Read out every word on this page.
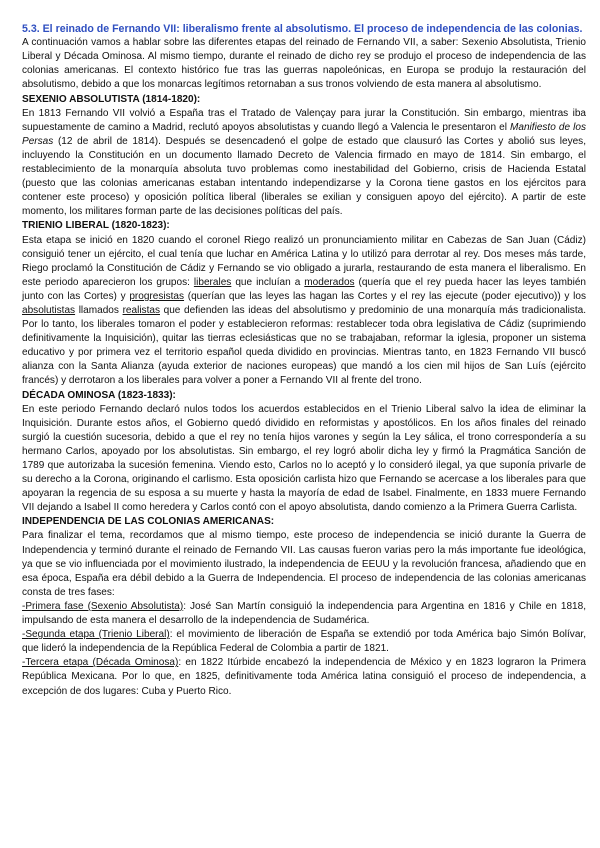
5.3. El reinado de Fernando VII: liberalismo frente al absolutismo. El proceso de independencia de las colonias.

A continuación vamos a hablar sobre las diferentes etapas del reinado de Fernando VII, a saber: Sexenio Absolutista, Trienio Liberal y Década Ominosa. Al mismo tiempo, durante el reinado de dicho rey se produjo el proceso de independencia de las colonias americanas. El contexto histórico fue tras las guerras napoleónicas, en Europa se produjo la restauración del absolutismo, debido a que los monarcas legítimos retornaban a sus tronos volviendo de esta manera al absolutismo.

SEXENIO ABSOLUTISTA (1814-1820):

En 1813 Fernando VII volvió a España tras el Tratado de Valençay para jurar la Constitución. Sin embargo, mientras iba supuestamente de camino a Madrid, reclutó apoyos absolutistas y cuando llegó a Valencia le presentaron el Manifiesto de los Persas (12 de abril de 1814). Después se desencadenó el golpe de estado que clausuró las Cortes y abolió sus leyes, incluyendo la Constitución en un documento llamado Decreto de Valencia firmado en mayo de 1814. Sin embargo, el restablecimiento de la monarquía absoluta tuvo problemas como inestabilidad del Gobierno, crisis de Hacienda Estatal (puesto que las colonias americanas estaban intentando independizarse y la Corona tiene gastos en los ejércitos para contener este proceso) y oposición política liberal (liberales se exilian y consiguen apoyo del ejército). A partir de este momento, los militares forman parte de las decisiones políticas del país.

TRIENIO LIBERAL (1820-1823):

Esta etapa se inició en 1820 cuando el coronel Riego realizó un pronunciamiento militar en Cabezas de San Juan (Cádiz) consiguió tener un ejército, el cual tenía que luchar en América Latina y lo utilizó para derrotar al rey. Dos meses más tarde, Riego proclamó la Constitución de Cádiz y Fernando se vio obligado a jurarla, restaurando de esta manera el liberalismo. En este periodo aparecieron los grupos: liberales que incluían a moderados (quería que el rey pueda hacer las leyes también junto con las Cortes) y progresistas (querían que las leyes las hagan las Cortes y el rey las ejecute (poder ejecutivo)) y los absolutistas llamados realistas que defienden las ideas del absolutismo y predominio de una monarquía más tradicionalista. Por lo tanto, los liberales tomaron el poder y establecieron reformas: restablecer toda obra legislativa de Cádiz (suprimiendo definitivamente la Inquisición), quitar las tierras eclesiásticas que no se trabajaban, reformar la iglesia, proponer un sistema educativo y por primera vez el territorio español queda dividido en provincias. Mientras tanto, en 1823 Fernando VII buscó alianza con la Santa Alianza (ayuda exterior de naciones europeas) que mandó a los cien mil hijos de San Luís (ejército francés) y derrotaron a los liberales para volver a poner a Fernando VII al frente del trono.

DÉCADA OMINOSA (1823-1833):

En este periodo Fernando declaró nulos todos los acuerdos establecidos en el Trienio Liberal salvo la idea de eliminar la Inquisición. Durante estos años, el Gobierno quedó dividido en reformistas y apostólicos. En los años finales del reinado surgió la cuestión sucesoria, debido a que el rey no tenía hijos varones y según la Ley sálica, el trono correspondería a su hermano Carlos, apoyado por los absolutistas. Sin embargo, el rey logró abolir dicha ley y firmó la Pragmática Sanción de 1789 que autorizaba la sucesión femenina. Viendo esto, Carlos no lo aceptó y lo consideró ilegal, ya que suponía privarle de su derecho a la Corona, originando el carlismo. Esta oposición carlista hizo que Fernando se acercase a los liberales para que apoyaran la regencia de su esposa a su muerte y hasta la mayoría de edad de Isabel. Finalmente, en 1833 muere Fernando VII dejando a Isabel II como heredera y Carlos contó con el apoyo absolutista, dando comienzo a la Primera Guerra Carlista.

INDEPENDENCIA DE LAS COLONIAS AMERICANAS:

Para finalizar el tema, recordamos que al mismo tiempo, este proceso de independencia se inició durante la Guerra de Independencia y terminó durante el reinado de Fernando VII. Las causas fueron varias pero la más importante fue ideológica, ya que se vio influenciada por el movimiento ilustrado, la independencia de EEUU y la revolución francesa, añadiendo que en esa época, España era débil debido a la Guerra de Independencia. El proceso de independencia de las colonias americanas consta de tres fases:

-Primera fase (Sexenio Absolutista): José San Martín consiguió la independencia para Argentina en 1816 y Chile en 1818, impulsando de esta manera el desarrollo de la independencia de Sudamérica.

-Segunda etapa (Trienio Liberal): el movimiento de liberación de España se extendió por toda América bajo Simón Bolívar, que lideró la independencia de la República Federal de Colombia a partir de 1821.

-Tercera etapa (Década Ominosa): en 1822 Itúrbide encabezó la independencia de México y en 1823 lograron la Primera República Mexicana. Por lo que, en 1825, definitivamente toda América latina consiguió el proceso de independencia, a excepción de dos lugares: Cuba y Puerto Rico.
